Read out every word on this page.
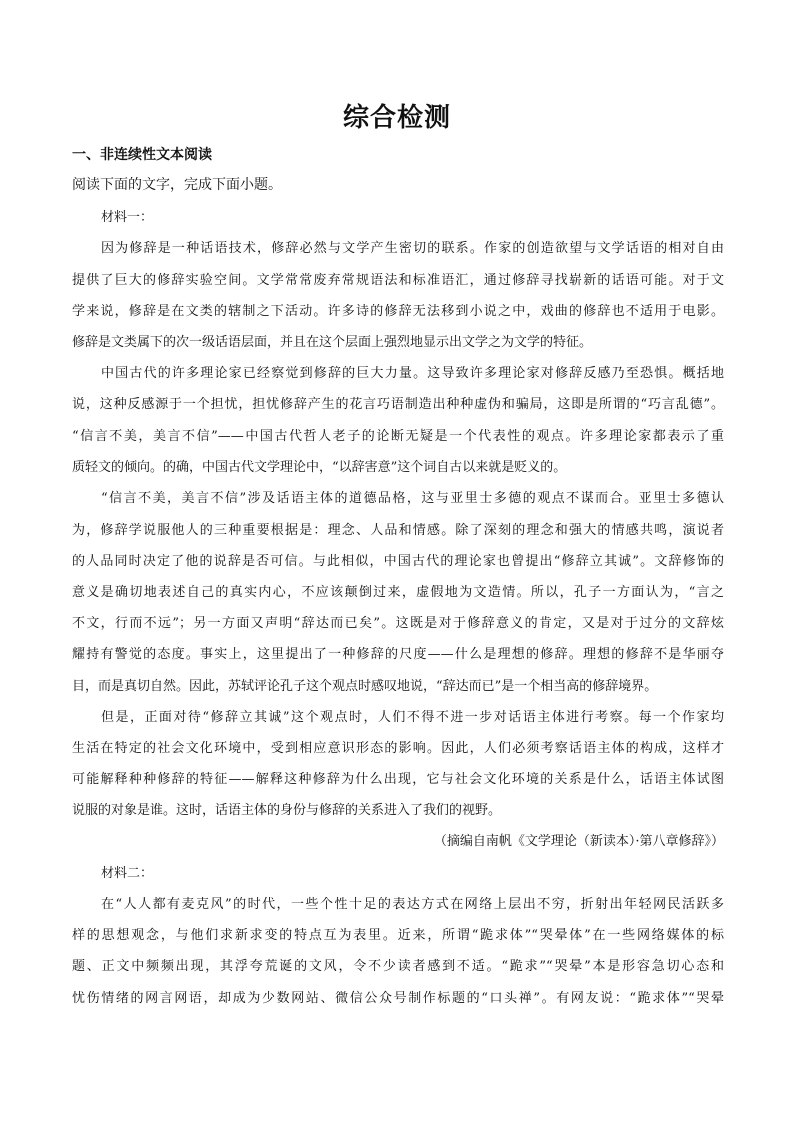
综合检测
一、非连续性文本阅读
阅读下面的文字，完成下面小题。
材料一：
因为修辞是一种话语技术，修辞必然与文学产生密切的联系。作家的创造欲望与文学话语的相对自由
提供了巨大的修辞实验空间。文学常常废弃常规语法和标准语汇，通过修辞寻找崭新的话语可能。对于文
学来说，修辞是在文类的辖制之下活动。许多诗的修辞无法移到小说之中，戏曲的修辞也不适用于电影。
修辞是文类属下的次一级话语层面，并且在这个层面上强烈地显示出文学之为文学的特征。
中国古代的许多理论家已经察觉到修辞的巨大力量。这导致许多理论家对修辞反感乃至恐惧。概括地
说，这种反感源于一个担忧，担忧修辞产生的花言巧语制造出种种虚伪和骗局，这即是所谓的“巧言乱德”。
“信言不美，美言不信”——中国古代哲人老子的论断无疑是一个代表性的观点。许多理论家都表示了重
质轻文的倾向。的确，中国古代文学理论中，“以辞害意”这个词自古以来就是贬义的。
“信言不美，美言不信”涉及话语主体的道德品格，这与亚里士多德的观点不谋而合。亚里士多德认
为，修辞学说服他人的三种重要根据是：理念、人品和情感。除了深刻的理念和强大的情感共鸣，演说者
的人品同时决定了他的说辞是否可信。与此相似，中国古代的理论家也曾提出“修辞立其诚”。文辞修饰的
意义是确切地表述自己的真实内心，不应该颠倒过来，虚假地为文造情。所以，孔子一方面认为，“言之
不文，行而不远”；另一方面又声明“辞达而已矣”。这既是对于修辞意义的肯定，又是对于过分的文辞炫
耀持有警觉的态度。事实上，这里提出了一种修辞的尺度——什么是理想的修辞。理想的修辞不是华丽夺
目，而是真切自然。因此，苏轼评论孔子这个观点时感叹地说，“辞达而已”是一个相当高的修辞境界。
但是，正面对待“修辞立其诚”这个观点时，人们不得不进一步对话语主体进行考察。每一个作家均
生活在特定的社会文化环境中，受到相应意识形态的影响。因此，人们必须考察话语主体的构成，这样才
可能解释种种修辞的特征——解释这种修辞为什么出现，它与社会文化环境的关系是什么，话语主体试图
说服的对象是谁。这时，话语主体的身份与修辞的关系进入了我们的视野。
（摘编自南帆《文学理论（新读本）·第八章修辞》）
材料二：
在“人人都有麦克风”的时代，一些个性十足的表达方式在网络上层出不穷，折射出年轻网民活跃多
样的思想观念，与他们求新求变的特点互为表里。近来，所谓“跪求体”“哭晕体”在一些网络媒体的标
题、正文中频频出现，其浮夸荒诞的文风，令不少读者感到不适。“跪求”“哭晕”本是形容急切心态和
忧伤情绪的网言网语，却成为少数网站、微信公众号制作标题的“口头禅”。有网友说：“跪求体”“哭晕
